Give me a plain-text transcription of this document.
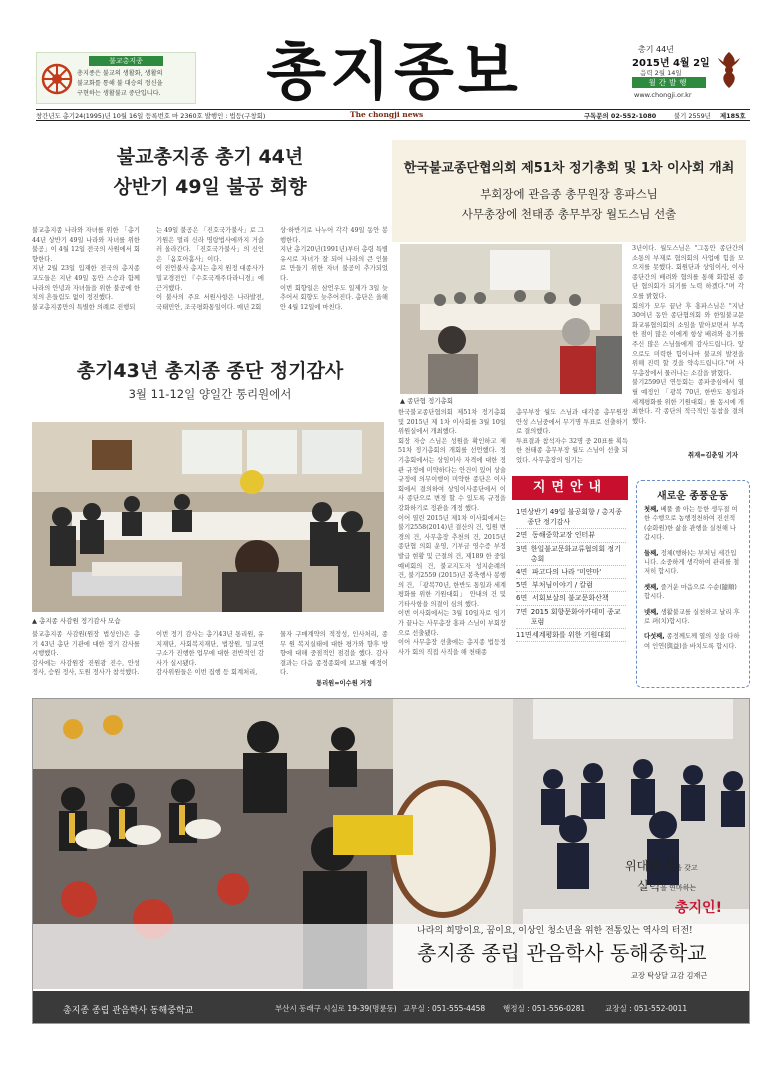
불교총지종
총지종은 불교의 생활화, 생활의
불교화를 통해 불 대승의 정신을
구현하는 생활불교 중단입니다. 총지종보	총기 44년
2015년 4월 2일
음력 2월 14일
월간발행
www.chongji.or.kr
창간년도 총기24(1995)년 10월 16일 등록번호 마 2360호 발행인 : 법등(구창회)	The chongji news	구독문의 02-552-1080	불기 2559년 제185호
불교총지종 총기 44년
상반기 49일 불공 회향
불교총지종 나라와 자녀를 위한 「총기 44년 상반기 49일 나라와 자녀를 위한 불공」이 4월 12일 전국의 사원에서 회향한다.
지난 2월 23일 입재한 전국의 총지종 교도들은 지난 49일 동안 스승과 함께 나라의 안녕과 자녀들을 위한 불공에 한 치의 흔들림도 없이 정진했다.
불교총지종만의 특별한 의례로 진행되
는 49일 불공은 「진호국가불사」로 그 기원은 멀리 신라 명랑법사에까지 거슬러 올라간다. 「진호국가불사」의 신인은 「옴호아훔사」이다.
이 진언불사 총지는 총지 원정 대종사가 밀교경전인 『수호국계주다라니경』에 근거했다.
이 불사의 주요 서원사항은 나라발전, 국태민안, 조국평화통일이다. 매년 2회
상·하반기로 나누어 각각 49일 동안 봉행한다.
지난 총기20년(1991년)부터 총령 특별 유시로 자녀가 잘 되어 나라의 큰 인물로 만들기 위한 자녀 불공이 추가되었다.
이번 회향일은 삼언우도 일제가 3일 늦추어서 회향도 늦추어진다. 총단은 올해 안 4월 12일에 마친다.
총기43년 총지종 종단 정기감사
3월 11-12일 양일간 통리원에서
▲ 총지종 사감원 정기감사 모습
불교총지종 사감원(원장 법성인)은 총기 43년 총단 기관에 대한 정기 감사를 시행했다.
감사에는 사감원장 진원광 진수, 안성 정사, 승원 정사, 도원 정사가 참석했다.
이번 정기 감사는 총기43년 통리원, 유지재단, 사회복지재단, 법장원, 밀교연구소가 진행한 업무에 대한 전반적인 감사가 실시됐다.
감사위원들은 이번 집행 등 회계처리,
물자 구매계약의 적정성, 인사처리, 종무 원 복지실태에 대한 평가와 향후 방향에 대해 중점적인 점검을 했다. 감사결과는 다음 종정종회에 보고될 예정이다.
통리원=이수원 거정
한국불교종단협의회 제51차 정기총회 및 1차 이사회 개최
부회장에 관음종 총무원장 홍파스님
사무총장에 천태종 총무부장 월도스님 선출
▲ 종단협 정기총회
3년이다. 월도스님은 "그동안 종단간의 소통의 부재로 협의회의 사업에 힘을 모으지를 못했다. 회원단과 상임이사, 이사 종단간의 배려와 협의를 통해 화합된 종단 협의회가 되기를 노력 하겠다."며 각오를 밝혔다.
회의가 모두 끝난 후 홍파스님은 "지난 30여년 동안 종단협의회 와 한일불교문화교류협의회의 소임을 맡아보면서 부족한 점이 많은 이에게 항상 배려와 용기를 주신 많은 스님들에게 감사드립니다. 앞으로도 미력한 힘이나마 불교의 발전을 위해 진력 할 것을 약속드립니다."며 사무총장에서 물러나는 소감을 밝혔다.
불기2599년 연등회는 종파중심에서 열릴 예정인 「광복 70년, 한반도 통일과 세계평화를 위한 기원대회」를 동시에 개최한다. 각 종단의 적극적인 동참을 결의했다.
취재=김춘일 기자
한국불교종단협의회 제51차 정기총회 및 2015년 제 1차 이사회를 3월 10일 위원실에서 개최했다.
회장 자승 스님은 성원을 확인하고 제 51차 정기총회의 개회를 선언했다. 정기총회에서는 상임이사 자격에 대한 정관 규정에 미약하다는 안건이 있어 상술 규정에 의무이행이 미약한 종단은 이사회에서 결의하여 상임이사종단에서 이사 종단으로 변경 할 수 있도록 규정을 강화하기로 정관을 개정 했다.
이어 열린 2015년 제1차 이사회에서는 불기2558(2014)년 결산의 건, 입원 변경의 건, 사무총장 추천의 건, 2015년 종단협 의회 운영, 기부금 영수증 부정 발급 현황 및 근절의 건, 제189 한 중일 예비회의 건, 불교지도자 성지순례의 건, 불기2559 (2015)년 봉축행사 봉행의 건, 「광복70년, 한반도 통일과 세계평화를 위한 기원대회」 안내의 건 및 기타사항을 의결이 심의 했다.
이번 이사회에서는 3월 10일자로 임기가 끝나는 사무총장 홍파 스님이 부회장으로 선출됐다.
이어 사무총장 선출에는 총지종 법등정사가 회의 직접 사직을 해 천태종
총무부장 월도 스님과 대각종 총무원장 안성 스님중에서 무기명 투표로 선출하기로 결의했다.
투표결과 참석자수 32명 중 20표를 획득한 천태종 총무부장 월도 스님이 선출 되었다. 사무총장의 임기는
지면안내
1면 상반기 49일 불공회향 / 총지종 종단 정기감사
2면 동해중학교장 인터뷰
3면 한일불교문화교류협의회 정기총회
4면 파고다의 나라 '미얀마'
5면 부처님이야기 / 칼럼
6면 서회보살의 불교문화산책
7면 2015 회향문화아카데미 종교포럼
11면 세계평화를 위한 기원대회
새로운 종풍운동

첫째, 베풀 줄 아는 등한 생두절 여한 수행으로 농행정천하여 진선적(순화원)한 삶을 관행을 실천해 나갑시다.

둘째, 정체(행하)는 부처님 세간입니다. 소중하게 생각하여 관리를 철저히 합시다.

셋째, 즐거운 마음으로 수순(隨順)합시다.

넷째, 생활불교를 실천하고 날리 후로 펴(치)합시다.

다섯째, 종정께도께 열의 성을 다하여 인연(與益)을 바치도록 합시다.

위대한 꿈을 갖고
실력을 연마하는
총지인!
나라의 희망이요, 꿈이요, 이상인 청소년을 위한 전통있는 역사의 터전!
총지종 종립 관음학사 동해중학교
교장 탁상달 교감 김재근
총지종 종립 관음학사 동해중학교	부산시 동래구 시실로 19-39(명륜동) 교무실 : 051-555-4458 행정실 : 051-556-0281	교장실 : 051-552-0011
